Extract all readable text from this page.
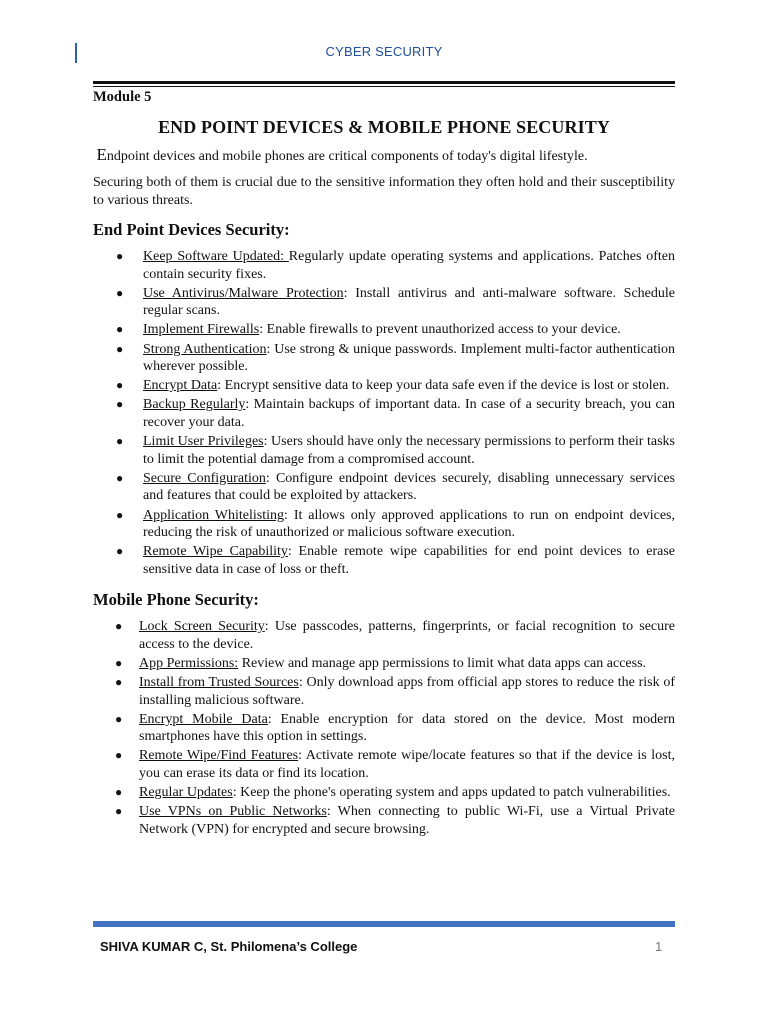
CYBER SECURITY

Module 5

END POINT DEVICES & MOBILE PHONE SECURITY

Endpoint devices and mobile phones are critical components of today's digital lifestyle.

Securing both of them is crucial due to the sensitive information they often hold and their susceptibility to various threats.

End Point Devices Security:
● Keep Software Updated: Regularly update operating systems and applications. Patches often contain security fixes.
● Use Antivirus/Malware Protection: Install antivirus and anti-malware software. Schedule regular scans.
● Implement Firewalls: Enable firewalls to prevent unauthorized access to your device.
● Strong Authentication: Use strong & unique passwords. Implement multi-factor authentication wherever possible.
● Encrypt Data: Encrypt sensitive data to keep your data safe even if the device is lost or stolen.
● Backup Regularly: Maintain backups of important data. In case of a security breach, you can recover your data.
● Limit User Privileges: Users should have only the necessary permissions to perform their tasks to limit the potential damage from a compromised account.
● Secure Configuration: Configure endpoint devices securely, disabling unnecessary services and features that could be exploited by attackers.
● Application Whitelisting: It allows only approved applications to run on endpoint devices, reducing the risk of unauthorized or malicious software execution.
● Remote Wipe Capability: Enable remote wipe capabilities for end point devices to erase sensitive data in case of loss or theft.
Mobile Phone Security:
● Lock Screen Security: Use passcodes, patterns, fingerprints, or facial recognition to secure access to the device.
● App Permissions: Review and manage app permissions to limit what data apps can access.
● Install from Trusted Sources: Only download apps from official app stores to reduce the risk of installing malicious software.
● Encrypt Mobile Data: Enable encryption for data stored on the device. Most modern smartphones have this option in settings.
● Remote Wipe/Find Features: Activate remote wipe/locate features so that if the device is lost, you can erase its data or find its location.
● Regular Updates: Keep the phone's operating system and apps updated to patch vulnerabilities.
● Use VPNs on Public Networks: When connecting to public Wi-Fi, use a Virtual Private Network (VPN) for encrypted and secure browsing.
SHIVA KUMAR C, St. Philomena’s College	1
